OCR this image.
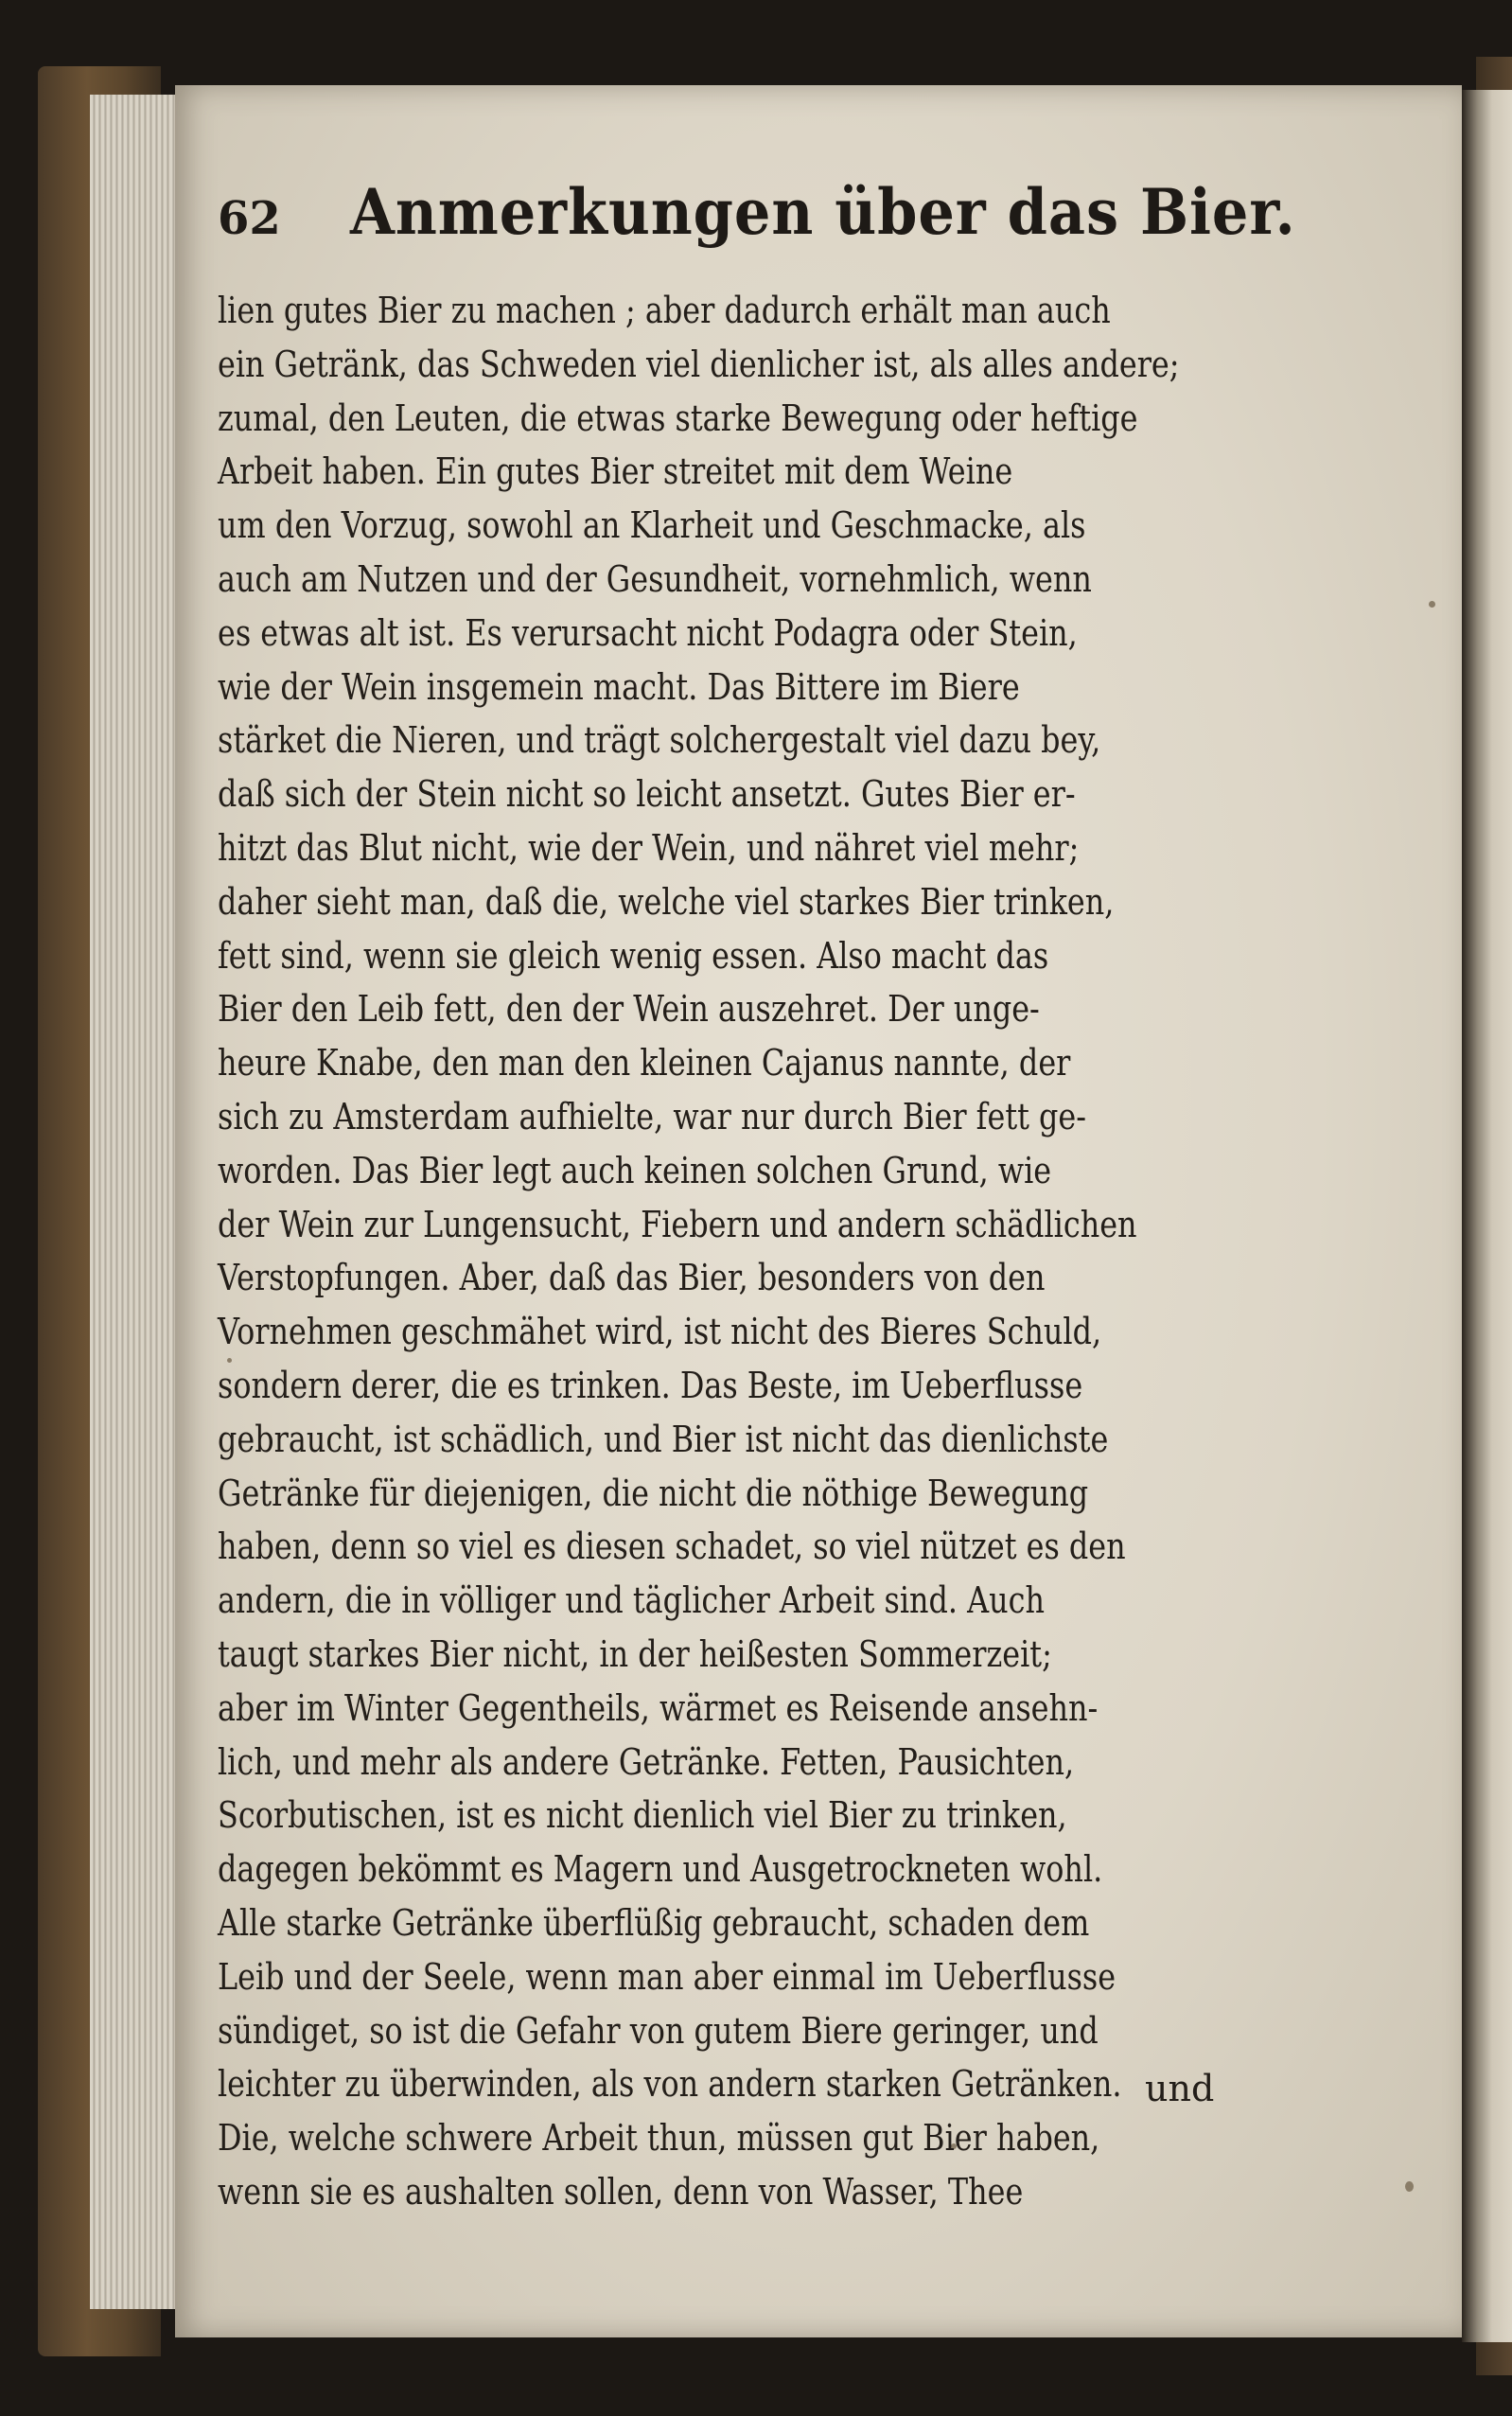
62 Anmerkungen über das Bier.
lien gutes Bier zu machen ; aber dadurch erhält man auch
ein Getränk, das Schweden viel dienlicher ist, als alles andere;
zumal, den Leuten, die etwas starke Bewegung oder heftige
Arbeit haben. Ein gutes Bier streitet mit dem Weine
um den Vorzug, sowohl an Klarheit und Geschmacke, als
auch am Nutzen und der Gesundheit, vornehmlich, wenn
es etwas alt ist. Es verursacht nicht Podagra oder Stein,
wie der Wein insgemein macht. Das Bittere im Biere
stärket die Nieren, und trägt solchergestalt viel dazu bey,
daß sich der Stein nicht so leicht ansetzt. Gutes Bier er-
hitzt das Blut nicht, wie der Wein, und nähret viel mehr;
daher sieht man, daß die, welche viel starkes Bier trinken,
fett sind, wenn sie gleich wenig essen. Also macht das
Bier den Leib fett, den der Wein auszehret. Der unge-
heure Knabe, den man den kleinen Cajanus nannte, der
sich zu Amsterdam aufhielte, war nur durch Bier fett ge-
worden. Das Bier legt auch keinen solchen Grund, wie
der Wein zur Lungensucht, Fiebern und andern schädlichen
Verstopfungen. Aber, daß das Bier, besonders von den
Vornehmen geschmähet wird, ist nicht des Bieres Schuld,
sondern derer, die es trinken. Das Beste, im Ueberflusse
gebraucht, ist schädlich, und Bier ist nicht das dienlichste
Getränke für diejenigen, die nicht die nöthige Bewegung
haben, denn so viel es diesen schadet, so viel nützet es den
andern, die in völliger und täglicher Arbeit sind. Auch
taugt starkes Bier nicht, in der heißesten Sommerzeit;
aber im Winter Gegentheils, wärmet es Reisende ansehn-
lich, und mehr als andere Getränke. Fetten, Pausichten,
Scorbutischen, ist es nicht dienlich viel Bier zu trinken,
dagegen bekömmt es Magern und Ausgetrockneten wohl.
Alle starke Getränke überflüßig gebraucht, schaden dem
Leib und der Seele, wenn man aber einmal im Ueberflusse
sündiget, so ist die Gefahr von gutem Biere geringer, und
leichter zu überwinden, als von andern starken Getränken.
Die, welche schwere Arbeit thun, müssen gut Bier haben,
wenn sie es aushalten sollen, denn von Wasser, Thee
und
